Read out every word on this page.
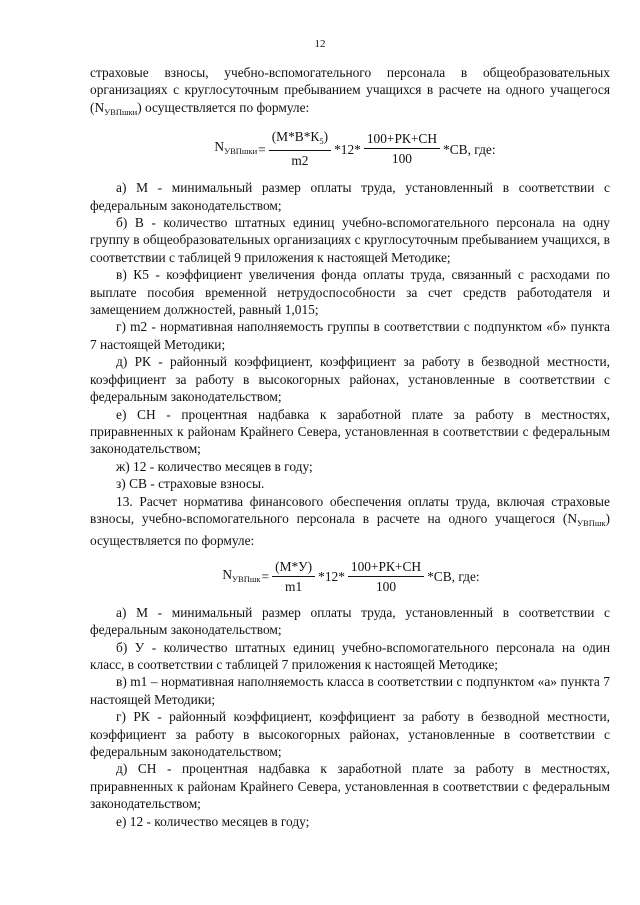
12

страховые взносы, учебно-вспомогательного персонала в общеобразовательных организациях с круглосуточным пребыванием учащихся в расчете на одного учащегося $(N_{УВПшки})$ осуществляется по формуле:

$N_{УВПшки} = \frac{(М*В*К_5)}{m2} *12* \frac{100+РК+СН}{100} *СВ$, где:

а) М - минимальный размер оплаты труда, установленный в соответствии с федеральным законодательством;

б) В - количество штатных единиц учебно-вспомогательного персонала на одну группу в общеобразовательных организациях с круглосуточным пребыванием учащихся, в соответствии с таблицей 9 приложения к настоящей Методике;

в) К5 - коэффициент увеличения фонда оплаты труда, связанный с расходами по выплате пособия временной нетрудоспособности за счет средств работодателя и замещением должностей, равный 1,015;

г) m2 - нормативная наполняемость группы в соответствии с подпунктом «б» пункта 7 настоящей Методики;

д) РК - районный коэффициент, коэффициент за работу в безводной местности, коэффициент за работу в высокогорных районах, установленные в соответствии с федеральным законодательством;

е) СН - процентная надбавка к заработной плате за работу в местностях, приравненных к районам Крайнего Севера, установленная в соответствии с федеральным законодательством;

ж) 12 - количество месяцев в году;

з) СВ - страховые взносы.

13. Расчет норматива финансового обеспечения оплаты труда, включая страховые взносы, учебно-вспомогательного персонала в расчете на одного учащегося $(N_{УВПшк})$ осуществляется по формуле:

$N_{УВПшк} = \frac{(М*У)}{m1} *12* \frac{100+РК+СН}{100} *СВ$, где:

а) М - минимальный размер оплаты труда, установленный в соответствии с федеральным законодательством;

б) У - количество штатных единиц учебно-вспомогательного персонала на один класс, в соответствии с таблицей 7 приложения к настоящей Методике;

в) m1 – нормативная наполняемость класса в соответствии с подпунктом «а» пункта 7 настоящей Методики;

г) РК - районный коэффициент, коэффициент за работу в безводной местности, коэффициент за работу в высокогорных районах, установленные в соответствии с федеральным законодательством;

д) СН - процентная надбавка к заработной плате за работу в местностях, приравненных к районам Крайнего Севера, установленная в соответствии с федеральным законодательством;

е) 12 - количество месяцев в году;
